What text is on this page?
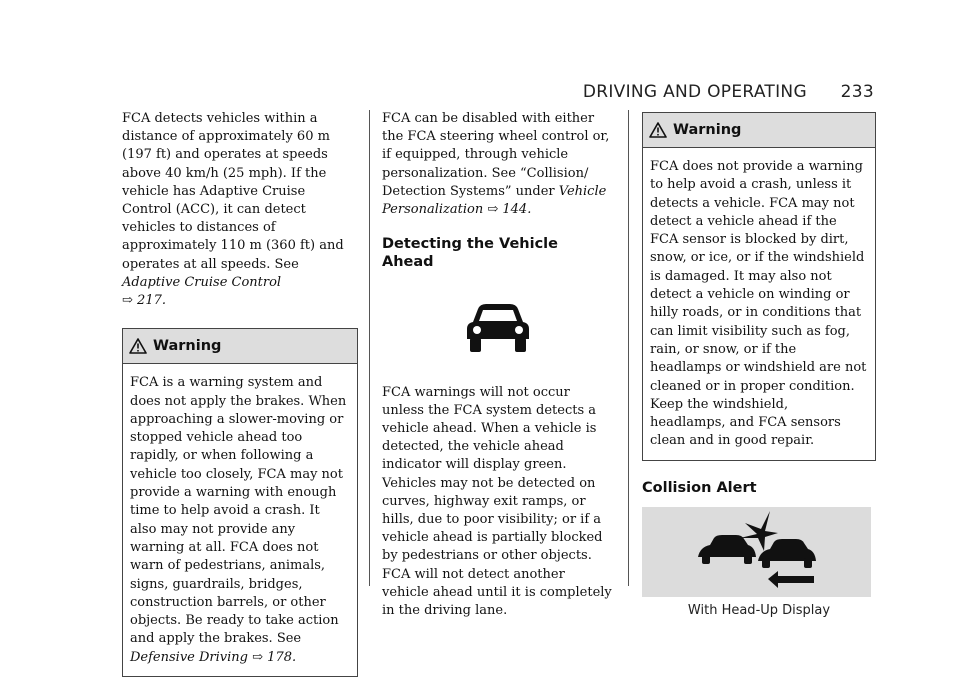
DRIVING AND OPERATING 233

FCA detects vehicles within a distance of approximately 60 m (197 ft) and operates at speeds above 40 km/h (25 mph). If the vehicle has Adaptive Cruise Control (ACC), it can detect vehicles to distances of approximately 110 m (360 ft) and operates at all speeds. See Adaptive Cruise Control
⇨ 217.

Warning
FCA is a warning system and does not apply the brakes. When approaching a slower-moving or stopped vehicle ahead too rapidly, or when following a vehicle too closely, FCA may not provide a warning with enough time to help avoid a crash. It also may not provide any warning at all. FCA does not warn of pedestrians, animals, signs, guardrails, bridges, construction barrels, or other objects. Be ready to take action and apply the brakes. See Defensive Driving ⇨ 178.

FCA can be disabled with either the FCA steering wheel control or, if equipped, through vehicle personalization. See “Collision/ Detection Systems” under Vehicle Personalization ⇨ 144.

Detecting the Vehicle Ahead

FCA warnings will not occur unless the FCA system detects a vehicle ahead. When a vehicle is detected, the vehicle ahead indicator will display green. Vehicles may not be detected on curves, highway exit ramps, or hills, due to poor visibility; or if a vehicle ahead is partially blocked by pedestrians or other objects. FCA will not detect another vehicle ahead until it is completely in the driving lane.

Warning
FCA does not provide a warning to help avoid a crash, unless it detects a vehicle. FCA may not detect a vehicle ahead if the FCA sensor is blocked by dirt, snow, or ice, or if the windshield is damaged. It may also not detect a vehicle on winding or hilly roads, or in conditions that can limit visibility such as fog, rain, or snow, or if the headlamps or windshield are not cleaned or in proper condition. Keep the windshield, headlamps, and FCA sensors clean and in good repair.
Collision Alert
With Head-Up Display
